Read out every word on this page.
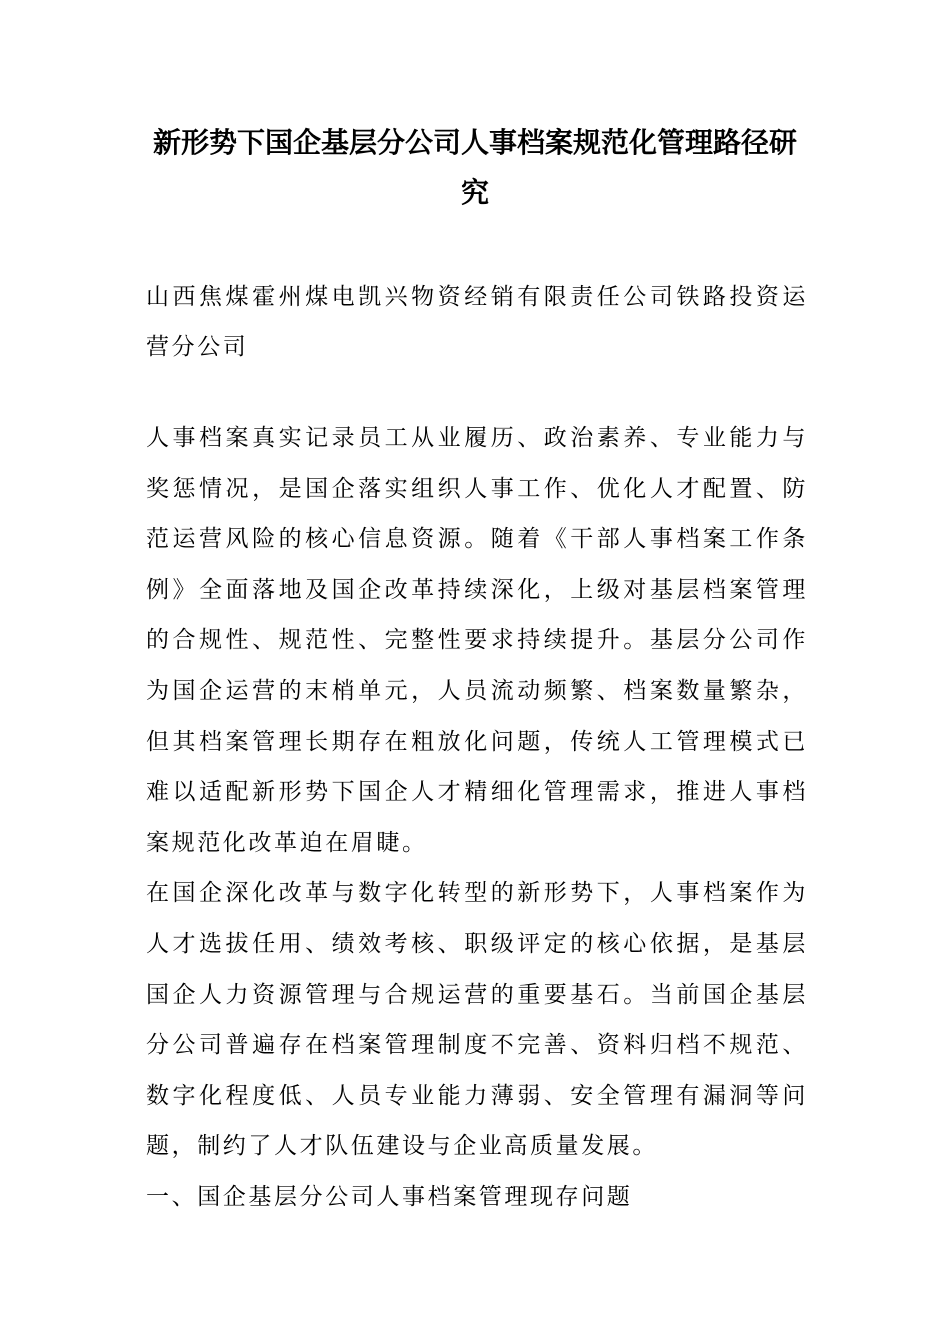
新形势下国企基层分公司人事档案规范化管理路径研究

山西焦煤霍州煤电凯兴物资经销有限责任公司铁路投资运营分公司

人事档案真实记录员工从业履历、政治素养、专业能力与奖惩情况，是国企落实组织人事工作、优化人才配置、防范运营风险的核心信息资源。随着《干部人事档案工作条例》全面落地及国企改革持续深化，上级对基层档案管理的合规性、规范性、完整性要求持续提升。基层分公司作为国企运营的末梢单元，人员流动频繁、档案数量繁杂，但其档案管理长期存在粗放化问题，传统人工管理模式已难以适配新形势下国企人才精细化管理需求，推进人事档案规范化改革迫在眉睫。

在国企深化改革与数字化转型的新形势下，人事档案作为人才选拔任用、绩效考核、职级评定的核心依据，是基层国企人力资源管理与合规运营的重要基石。当前国企基层分公司普遍存在档案管理制度不完善、资料归档不规范、数字化程度低、人员专业能力薄弱、安全管理有漏洞等问题，制约了人才队伍建设与企业高质量发展。

一、国企基层分公司人事档案管理现存问题
